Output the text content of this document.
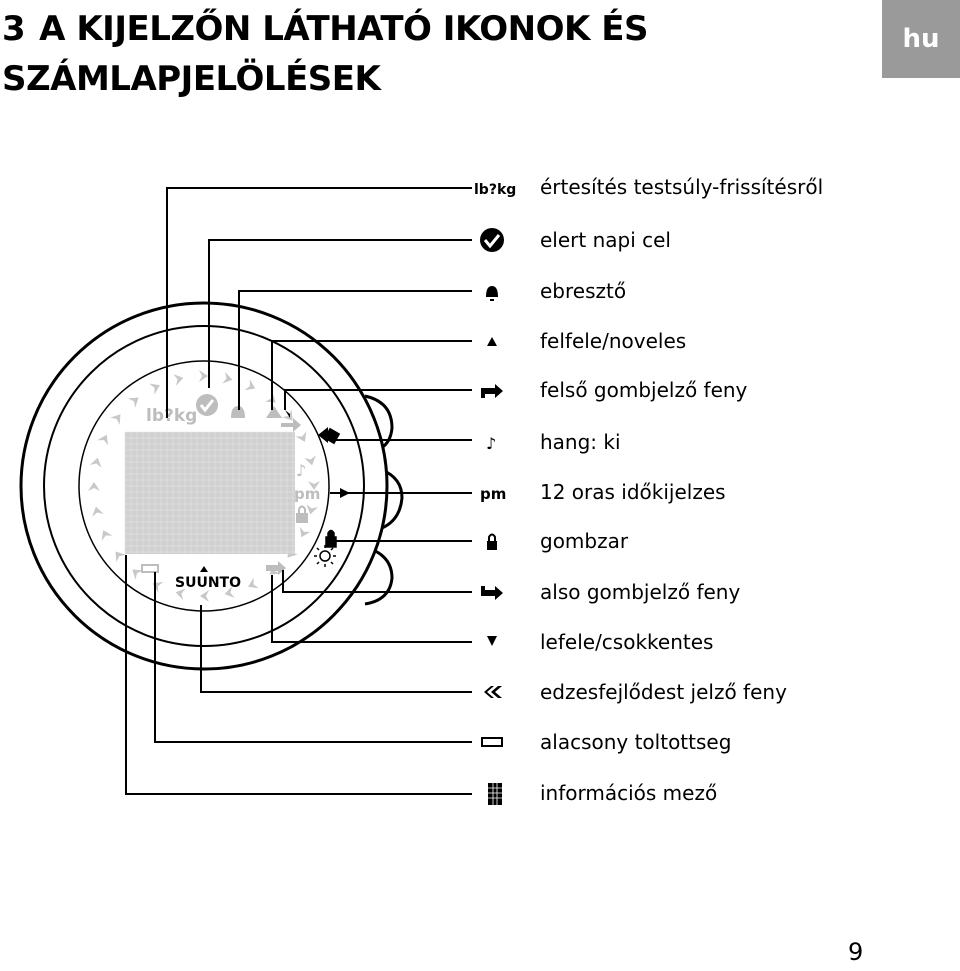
3 A KIJELZŐN LÁTHATÓ IKONOK ÉS
SZÁMLAPJELÖLÉSEK
hu
lb?kg
♪
pm
SUUNTO
lb?kg
♪
pm
értesítés testsúly-frissítésről
elert napi cel
ebresztő
felfele/noveles
felső gombjelző feny
hang: ki
12 oras időkijelzes
gombzar
also gombjelző feny
lefele/csokkentes
edzesfejlődest jelző feny
alacsony toltottseg
információs mező
9
